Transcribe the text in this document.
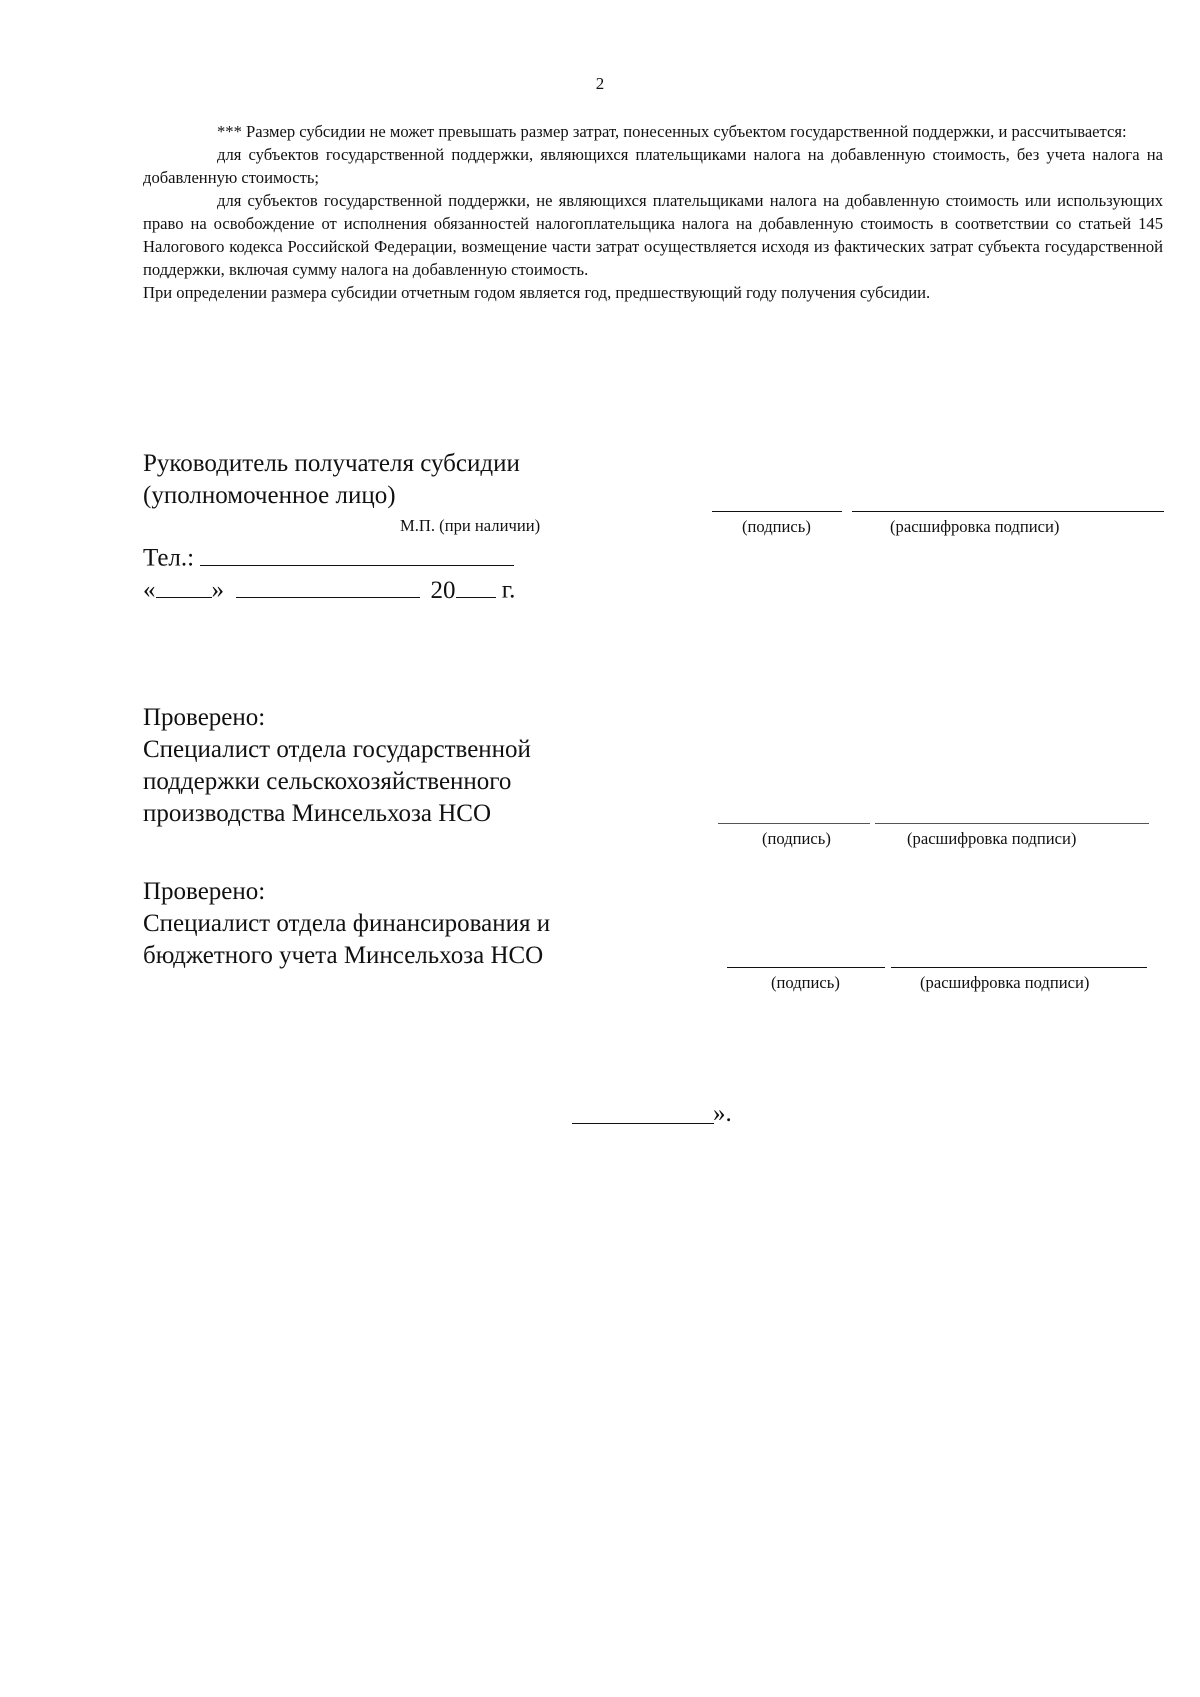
2

*** Размер субсидии не может превышать размер затрат, понесенных субъектом государственной поддержки, и рассчитывается:

для субъектов государственной поддержки, являющихся плательщиками налога на добавленную стоимость, без учета налога на добавленную стоимость;

для субъектов государственной поддержки, не являющихся плательщиками налога на добавленную стоимость или использующих право на освобождение от исполнения обязанностей налогоплательщика налога на добавленную стоимость в соответствии со статьей 145 Налогового кодекса Российской Федерации, возмещение части затрат осуществляется исходя из фактических затрат субъекта государственной поддержки, включая сумму налога на добавленную стоимость.

При определении размера субсидии отчетным годом является год, предшествующий году получения субсидии.

Руководитель получателя субсидии
(уполномоченное лицо)
М.П. (при наличии)	(подпись)	(расшифровка подписи)
Тел.:
« »	20 г.
Проверено:
Специалист отдела государственной
поддержки сельскохозяйственного
производства Минсельхоза НСО
(подпись)	(расшифровка подписи)
Проверено:
Специалист отдела финансирования и
бюджетного учета Минсельхоза НСО
(подпись)	(расшифровка подписи)
».
